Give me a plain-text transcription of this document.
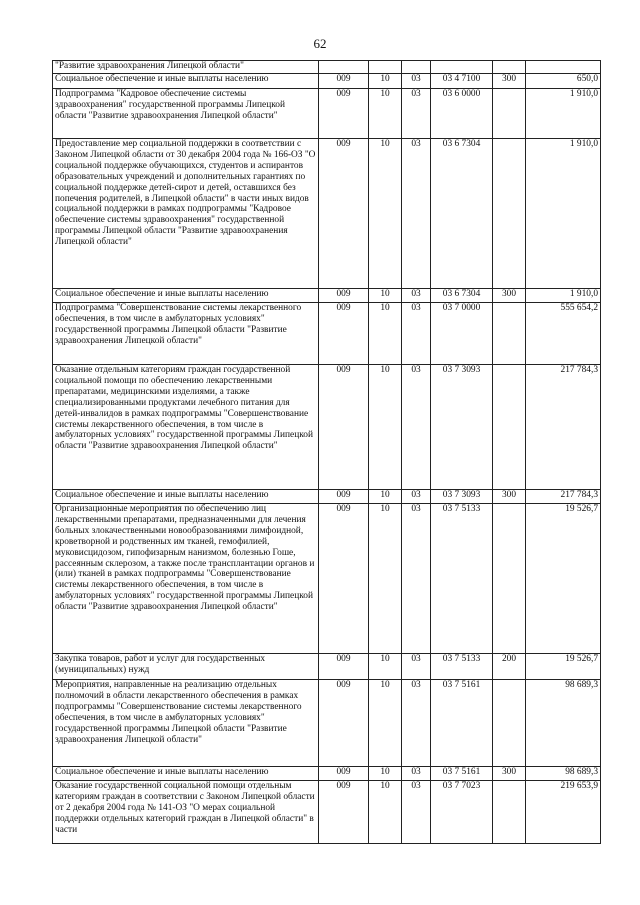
62
"Развитие здравоохранения Липецкой области"						
Социальное обеспечение и иные выплаты населению	009	10	03	03 4 7100	300	650,0
Подпрограмма "Кадровое обеспечение системы здравоохранения" государственной программы Липецкой области "Развитие здравоохранения Липецкой области"	009	10	03	03 6 0000		1 910,0
Предоставление мер социальной поддержки в соответствии с Законом Липецкой области от 30 декабря 2004 года № 166-ОЗ "О социальной поддержке обучающихся, студентов и аспирантов образовательных учреждений и дополнительных гарантиях по социальной поддержке детей-сирот и детей, оставшихся без попечения родителей, в Липецкой области" в части иных видов социальной поддержки в рамках подпрограммы "Кадровое обеспечение системы здравоохранения" государственной программы Липецкой области "Развитие здравоохранения Липецкой области"	009	10	03	03 6 7304		1 910,0
Социальное обеспечение и иные выплаты населению	009	10	03	03 6 7304	300	1 910,0
Подпрограмма "Совершенствование системы лекарственного обеспечения, в том числе в амбулаторных условиях" государственной программы Липецкой области "Развитие здравоохранения Липецкой области"	009	10	03	03 7 0000		555 654,2
Оказание отдельным категориям граждан государственной социальной помощи по обеспечению лекарственными препаратами, медицинскими изделиями, а также специализированными продуктами лечебного питания для детей-инвалидов в рамках подпрограммы "Совершенствование системы лекарственного обеспечения, в том числе в амбулаторных условиях" государственной программы Липецкой области "Развитие здравоохранения Липецкой области"	009	10	03	03 7 3093		217 784,3
Социальное обеспечение и иные выплаты населению	009	10	03	03 7 3093	300	217 784,3
Организационные мероприятия по обеспечению лиц лекарственными препаратами, предназначенными для лечения больных злокачественными новообразованиями лимфоидной, кроветворной и родственных им тканей, гемофилией, муковисцидозом, гипофизарным нанизмом, болезнью Гоше, рассеянным склерозом, а также после трансплантации органов и (или) тканей в рамках подпрограммы "Совершенствование системы лекарственного обеспечения, в том числе в амбулаторных условиях" государственной программы Липецкой области "Развитие здравоохранения Липецкой области"	009	10	03	03 7 5133		19 526,7
Закупка товаров, работ и услуг для государственных (муниципальных) нужд	009	10	03	03 7 5133	200	19 526,7
Мероприятия, направленные на реализацию отдельных полномочий в области лекарственного обеспечения в рамках подпрограммы "Совершенствование системы лекарственного обеспечения, в том числе в амбулаторных условиях" государственной программы Липецкой области "Развитие здравоохранения Липецкой области"	009	10	03	03 7 5161		98 689,3
Социальное обеспечение и иные выплаты населению	009	10	03	03 7 5161	300	98 689,3
Оказание государственной социальной помощи отдельным категориям граждан в соответствии с Законом Липецкой области от 2 декабря 2004 года № 141-ОЗ "О мерах социальной поддержки отдельных категорий граждан в Липецкой области" в части	009	10	03	03 7 7023		219 653,9
